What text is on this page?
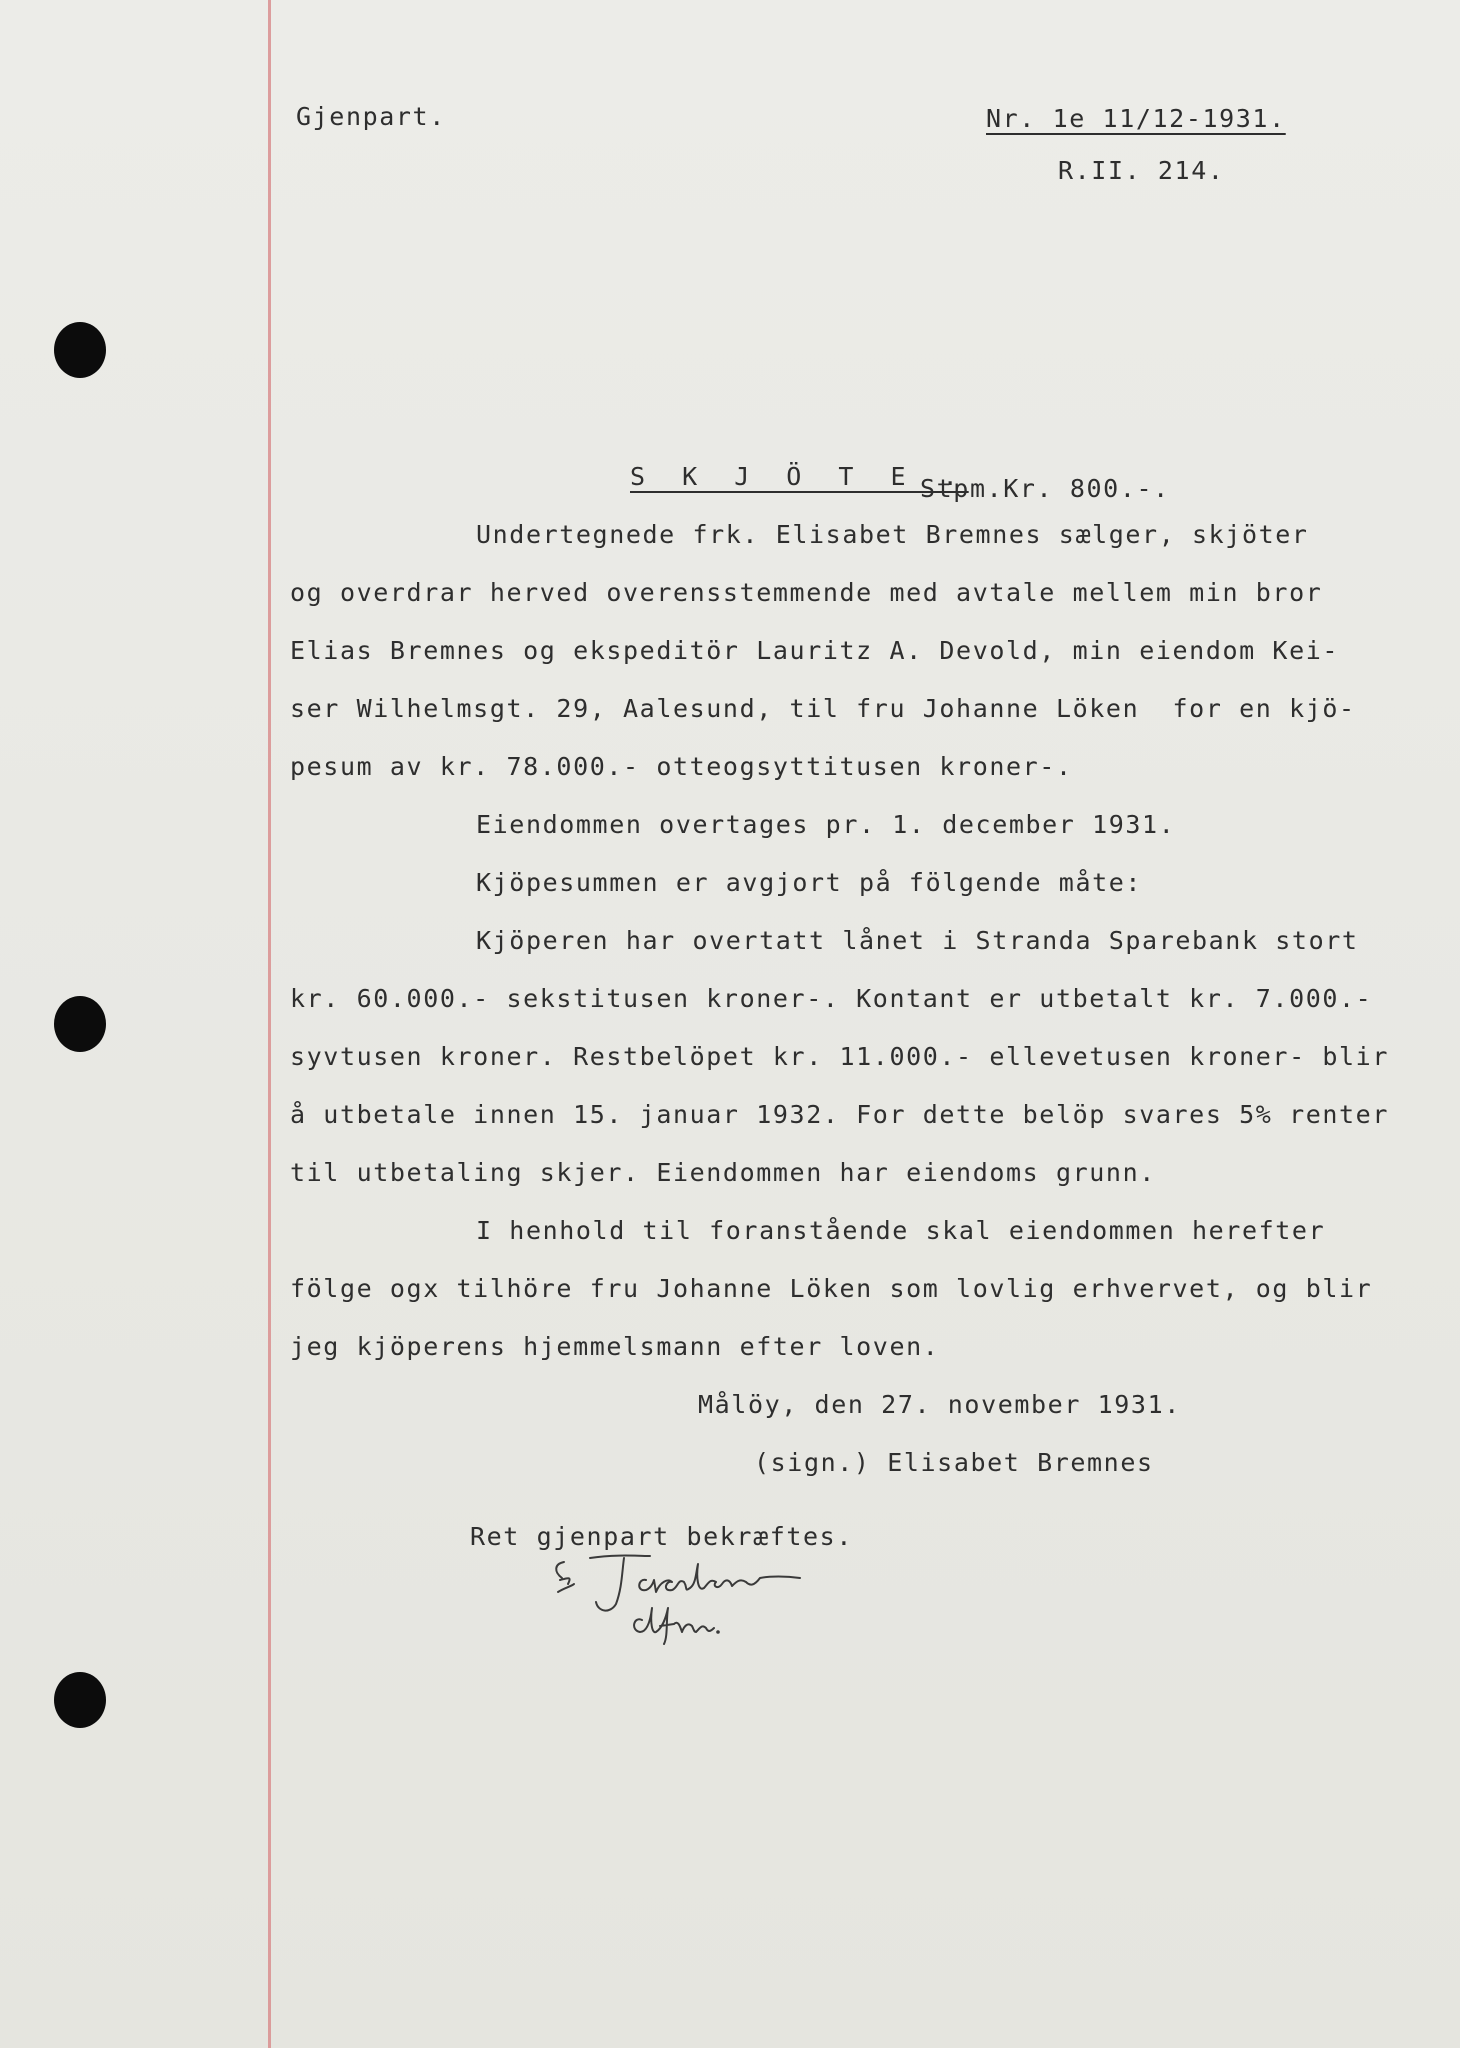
Gjenpart.	Nr. 1e 11/12-1931.
R.II. 214.
S K J Ö T E .
Stpm.Kr. 800.-.
Undertegnede frk. Elisabet Bremnes sælger, skjöter
og overdrar herved overensstemmende med avtale mellem min bror
Elias Bremnes og ekspeditör Lauritz A. Devold, min eiendom Kei-
ser Wilhelmsgt. 29, Aalesund, til fru Johanne Löken  for en kjö-
pesum av kr. 78.000.- otteogsyttitusen kroner-.
Eiendommen overtages pr. 1. december 1931.
Kjöpesummen er avgjort på fölgende måte:
Kjöperen har overtatt lånet i Stranda Sparebank stort
kr. 60.000.- sekstitusen kroner-. Kontant er utbetalt kr. 7.000.-
syvtusen kroner. Restbelöpet kr. 11.000.- ellevetusen kroner- blir
å utbetale innen 15. januar 1932. For dette belöp svares 5% renter
til utbetaling skjer. Eiendommen har eiendoms grunn.
I henhold til foranstående skal eiendommen herefter
fölge ogx tilhöre fru Johanne Löken som lovlig erhvervet, og blir
jeg kjöperens hjemmelsmann efter loven.
Målöy, den 27. november 1931.
(sign.) Elisabet Bremnes
Ret gjenpart bekræftes.
